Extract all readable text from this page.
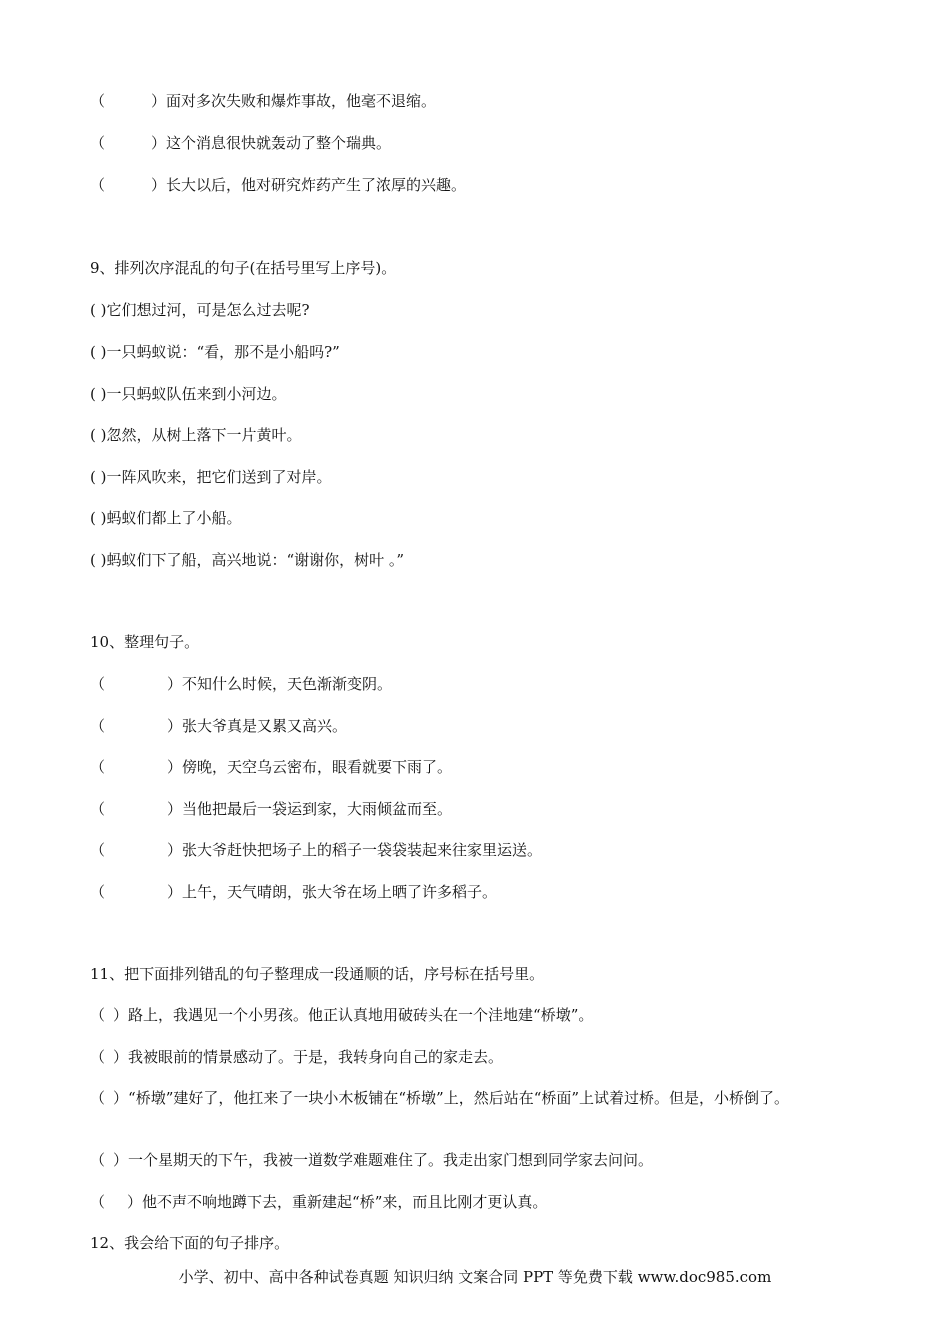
（	）面对多次失败和爆炸事故，他毫不退缩。
（	）这个消息很快就轰动了整个瑞典。
（	）长大以后，他对研究炸药产生了浓厚的兴趣。
9、排列次序混乱的句子(在括号里写上序号)。
( )它们想过河，可是怎么过去呢?
( )一只蚂蚁说：“看，那不是小船吗?”
( )一只蚂蚁队伍来到小河边。
( )忽然，从树上落下一片黄叶。
( )一阵风吹来，把它们送到了对岸。
( )蚂蚁们都上了小船。
( )蚂蚁们下了船，高兴地说：“谢谢你，树叶 。”
10、整理句子。
（	）不知什么时候，天色渐渐变阴。
（	）张大爷真是又累又高兴。
（	）傍晚，天空乌云密布，眼看就要下雨了。
（	）当他把最后一袋运到家，大雨倾盆而至。
（	）张大爷赶快把场子上的稻子一袋袋装起来往家里运送。
（	）上午，天气晴朗，张大爷在场上晒了许多稻子。
11、把下面排列错乱的句子整理成一段通顺的话，序号标在括号里。
（ ）路上，我遇见一个小男孩。他正认真地用破砖头在一个洼地建“桥墩”。
（ ）我被眼前的情景感动了。于是，我转身向自己的家走去。
（ ）“桥墩”建好了，他扛来了一块小木板铺在“桥墩”上，然后站在“桥面”上试着过桥。但是，小桥倒了。
（ ）一个星期天的下午，我被一道数学难题难住了。我走出家门想到同学家去问问。
（ ）他不声不响地蹲下去，重新建起“桥”来，而且比刚才更认真。
12、我会给下面的句子排序。
小学、初中、高中各种试卷真题 知识归纳 文案合同 PPT 等免费下载 www.doc985.com
